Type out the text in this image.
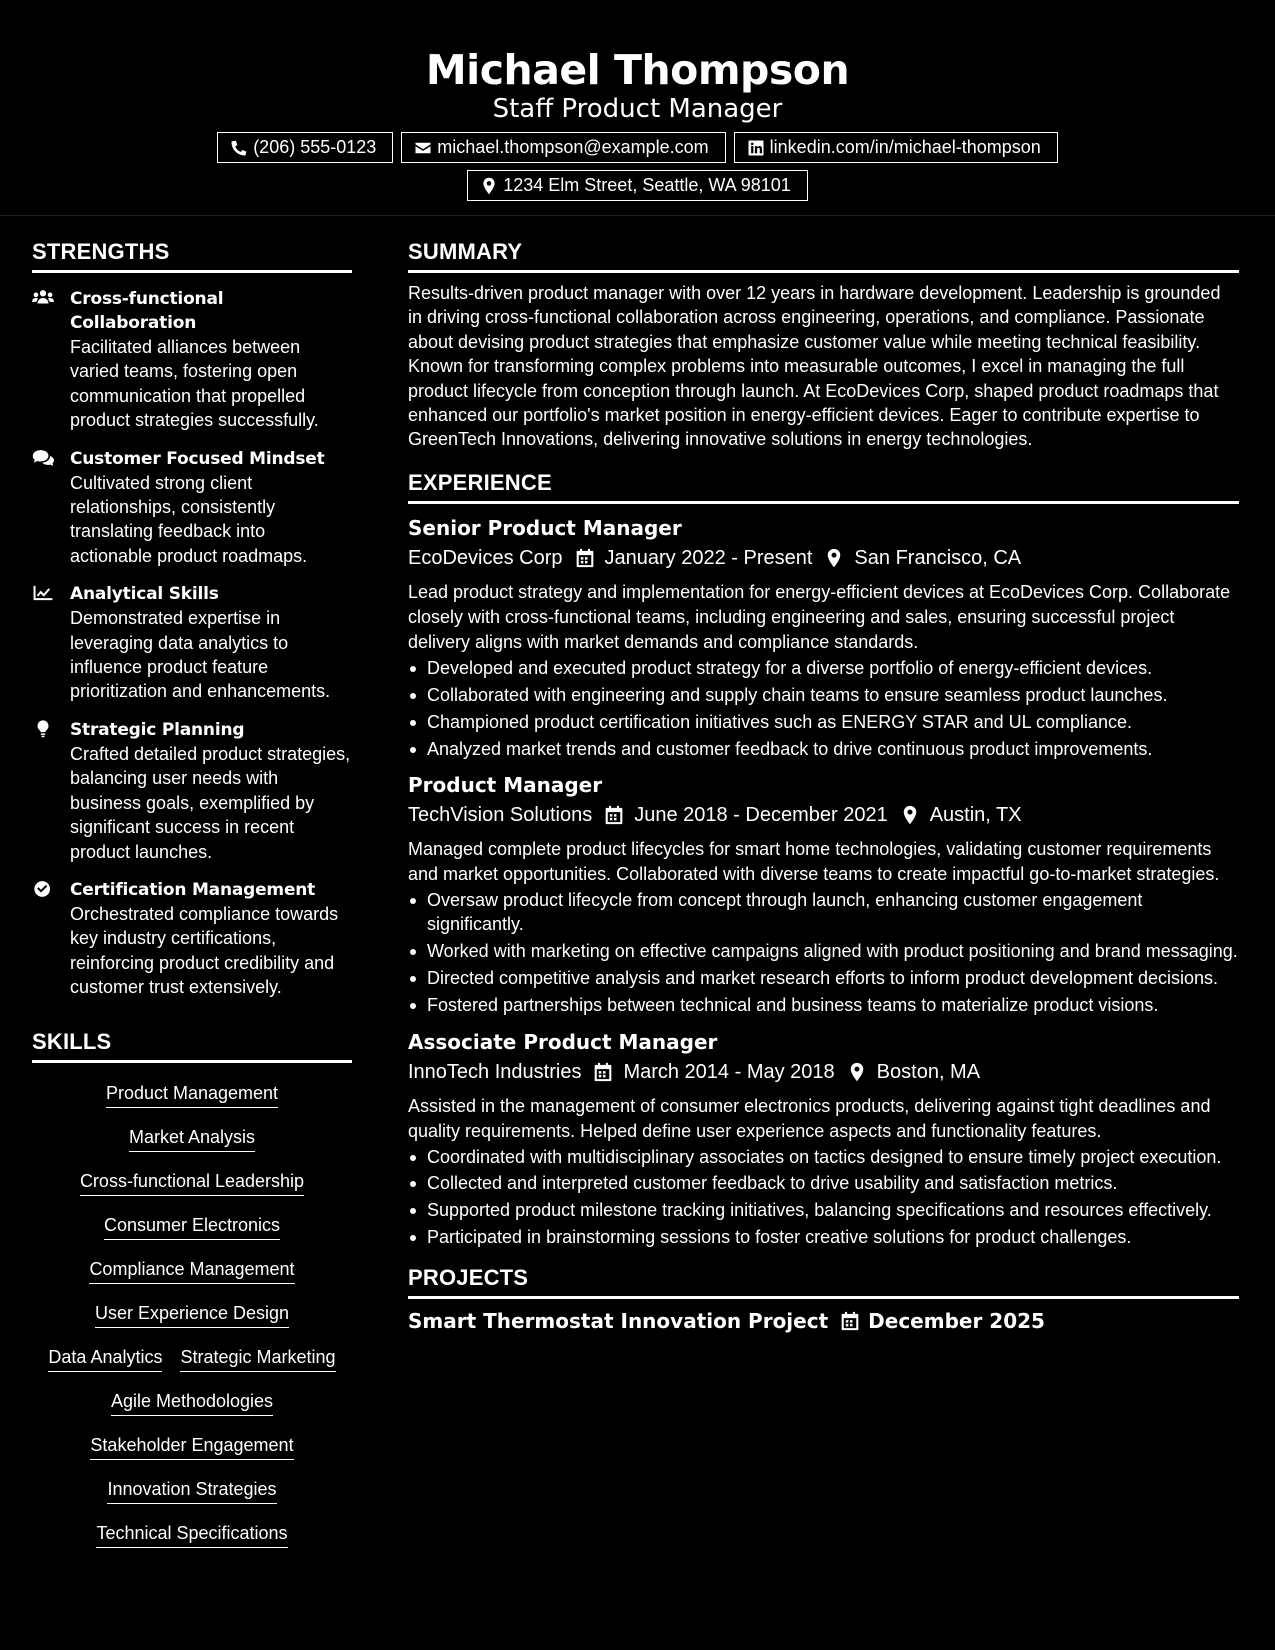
Michael Thompson
Staff Product Manager
(206) 555-0123	michael.thompson@example.com	linkedin.com/in/michael-thompson
1234 Elm Street, Seattle, WA 98101
STRENGTHS
Cross-functional Collaboration
Facilitated alliances between varied teams, fostering open communication that propelled product strategies successfully.
Customer Focused Mindset
Cultivated strong client relationships, consistently translating feedback into actionable product roadmaps.
Analytical Skills
Demonstrated expertise in leveraging data analytics to influence product feature prioritization and enhancements.
Strategic Planning
Crafted detailed product strategies, balancing user needs with business goals, exemplified by significant success in recent product launches.
Certification Management
Orchestrated compliance towards key industry certifications, reinforcing product credibility and customer trust extensively.
SKILLS
Product Management
Market Analysis
Cross-functional Leadership
Consumer Electronics
Compliance Management
User Experience Design
Data Analytics Strategic Marketing
Agile Methodologies
Stakeholder Engagement
Innovation Strategies
Technical Specifications
SUMMARY
Results-driven product manager with over 12 years in hardware development. Leadership is grounded in driving cross-functional collaboration across engineering, operations, and compliance. Passionate about devising product strategies that emphasize customer value while meeting technical feasibility. Known for transforming complex problems into measurable outcomes, I excel in managing the full product lifecycle from conception through launch. At EcoDevices Corp, shaped product roadmaps that enhanced our portfolio's market position in energy-efficient devices. Eager to contribute expertise to GreenTech Innovations, delivering innovative solutions in energy technologies.
EXPERIENCE
Senior Product Manager
EcoDevices Corp January 2022 - Present San Francisco, CA
Lead product strategy and implementation for energy-efficient devices at EcoDevices Corp. Collaborate closely with cross-functional teams, including engineering and sales, ensuring successful project delivery aligns with market demands and compliance standards.
Developed and executed product strategy for a diverse portfolio of energy-efficient devices.
Collaborated with engineering and supply chain teams to ensure seamless product launches.
Championed product certification initiatives such as ENERGY STAR and UL compliance.
Analyzed market trends and customer feedback to drive continuous product improvements.
Product Manager
TechVision Solutions June 2018 - December 2021 Austin, TX
Managed complete product lifecycles for smart home technologies, validating customer requirements and market opportunities. Collaborated with diverse teams to create impactful go-to-market strategies.
Oversaw product lifecycle from concept through launch, enhancing customer engagement significantly.
Worked with marketing on effective campaigns aligned with product positioning and brand messaging.
Directed competitive analysis and market research efforts to inform product development decisions.
Fostered partnerships between technical and business teams to materialize product visions.
Associate Product Manager
InnoTech Industries March 2014 - May 2018 Boston, MA
Assisted in the management of consumer electronics products, delivering against tight deadlines and quality requirements. Helped define user experience aspects and functionality features.
Coordinated with multidisciplinary associates on tactics designed to ensure timely project execution.
Collected and interpreted customer feedback to drive usability and satisfaction metrics.
Supported product milestone tracking initiatives, balancing specifications and resources effectively.
Participated in brainstorming sessions to foster creative solutions for product challenges.
PROJECTS
Smart Thermostat Innovation Project December 2025
